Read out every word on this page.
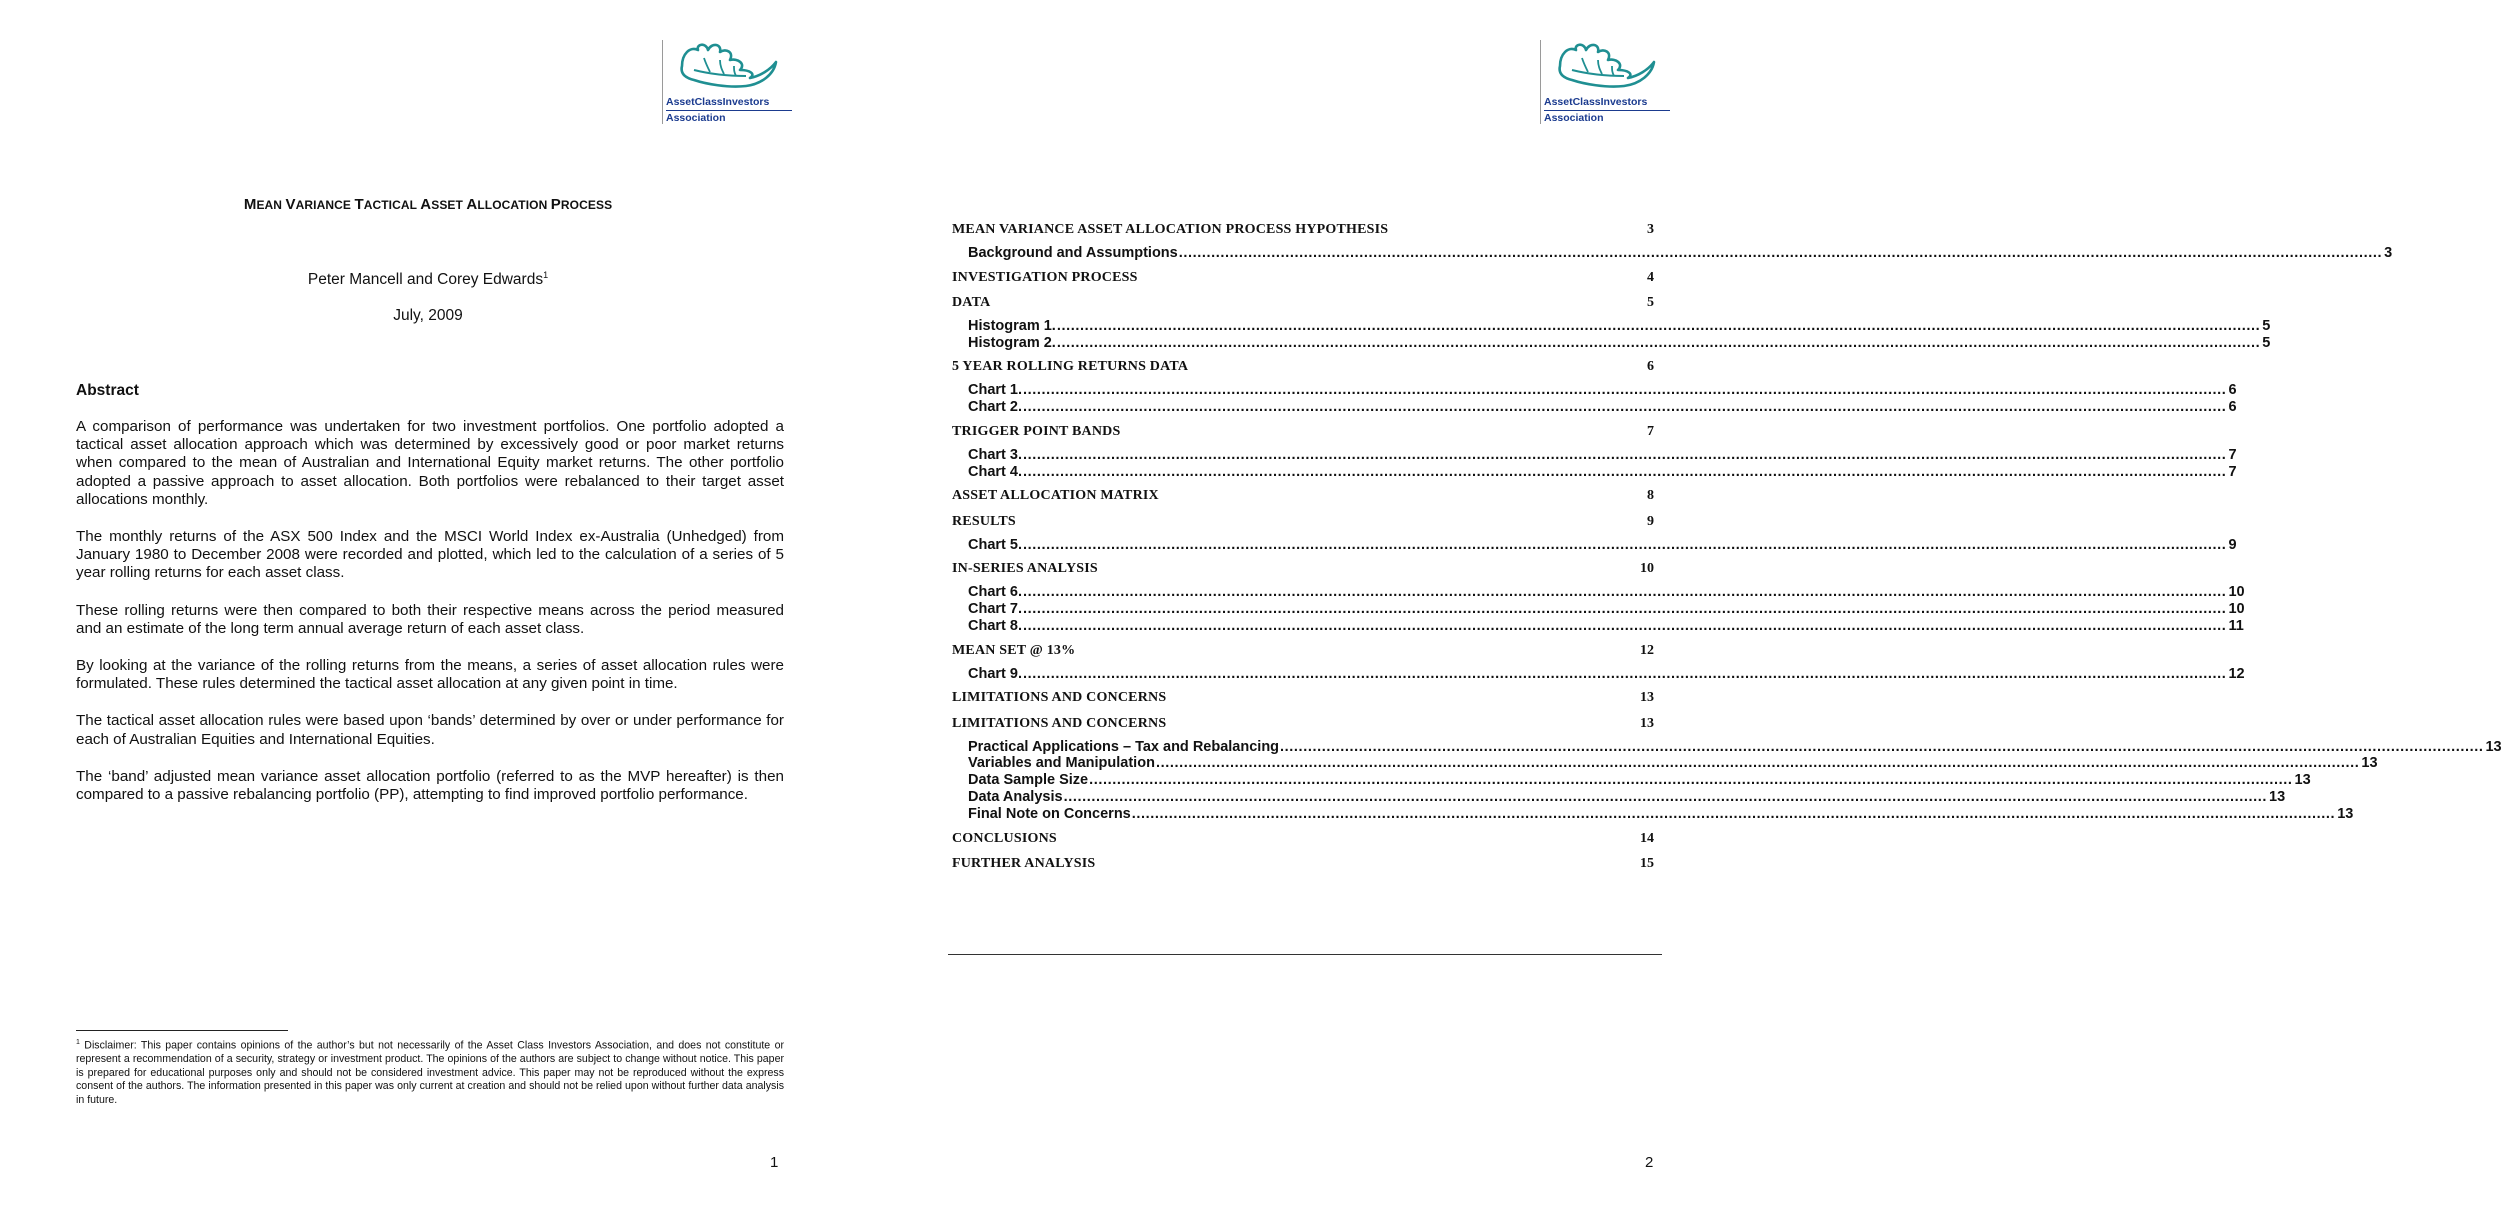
AssetClassInvestors
Association
MEAN VARIANCE TACTICAL ASSET ALLOCATION PROCESS
Peter Mancell and Corey Edwards$^1$
July, 2009
Abstract

A comparison of performance was undertaken for two investment portfolios. One portfolio adopted a tactical asset allocation approach which was determined by excessively good or poor market returns when compared to the mean of Australian and International Equity market returns. The other portfolio adopted a passive approach to asset allocation. Both portfolios were rebalanced to their target asset allocations monthly.

The monthly returns of the ASX 500 Index and the MSCI World Index ex-Australia (Unhedged) from January 1980 to December 2008 were recorded and plotted, which led to the calculation of a series of 5 year rolling returns for each asset class.

These rolling returns were then compared to both their respective means across the period measured and an estimate of the long term annual average return of each asset class.

By looking at the variance of the rolling returns from the means, a series of asset allocation rules were formulated. These rules determined the tactical asset allocation at any given point in time.

The tactical asset allocation rules were based upon ‘bands’ determined by over or under performance for each of Australian Equities and International Equities.

The ‘band’ adjusted mean variance asset allocation portfolio (referred to as the MVP hereafter) is then compared to a passive rebalancing portfolio (PP), attempting to find improved portfolio performance.

$^1$ Disclaimer: This paper contains opinions of the author’s but not necessarily of the Asset Class Investors Association, and does not constitute or represent a recommendation of a security, strategy or investment product. The opinions of the authors are subject to change without notice. This paper is prepared for educational purposes only and should not be considered investment advice. This paper may not be reproduced without the express consent of the authors. The information presented in this paper was only current at creation and should not be relied upon without further data analysis in future.
1
AssetClassInvestors
Association
MEAN VARIANCE ASSET ALLOCATION PROCESS HYPOTHESIS	3
Background and Assumptions .................................................................................................................................................................................................................................................................... 3
INVESTIGATION PROCESS	4
DATA	5
Histogram 1. .................................................................................................................................................................................................................................................................... 5
Histogram 2. .................................................................................................................................................................................................................................................................... 5
5 YEAR ROLLING RETURNS DATA	6
Chart 1. .................................................................................................................................................................................................................................................................... 6
Chart 2. .................................................................................................................................................................................................................................................................... 6
TRIGGER POINT BANDS	7
Chart 3. .................................................................................................................................................................................................................................................................... 7
Chart 4. .................................................................................................................................................................................................................................................................... 7
ASSET ALLOCATION MATRIX	8
RESULTS	9
Chart 5. .................................................................................................................................................................................................................................................................... 9
IN-SERIES ANALYSIS	10
Chart 6. .................................................................................................................................................................................................................................................................... 10
Chart 7. .................................................................................................................................................................................................................................................................... 10
Chart 8. .................................................................................................................................................................................................................................................................... 11
MEAN SET @ 13%	12
Chart 9. .................................................................................................................................................................................................................................................................... 12
LIMITATIONS AND CONCERNS	13
LIMITATIONS AND CONCERNS	13
Practical Applications – Tax and Rebalancing .................................................................................................................................................................................................................................................................... 13
Variables and Manipulation .................................................................................................................................................................................................................................................................... 13
Data Sample Size .................................................................................................................................................................................................................................................................... 13
Data Analysis .................................................................................................................................................................................................................................................................... 13
Final Note on Concerns .................................................................................................................................................................................................................................................................... 13
CONCLUSIONS	14
FURTHER ANALYSIS	15
2
